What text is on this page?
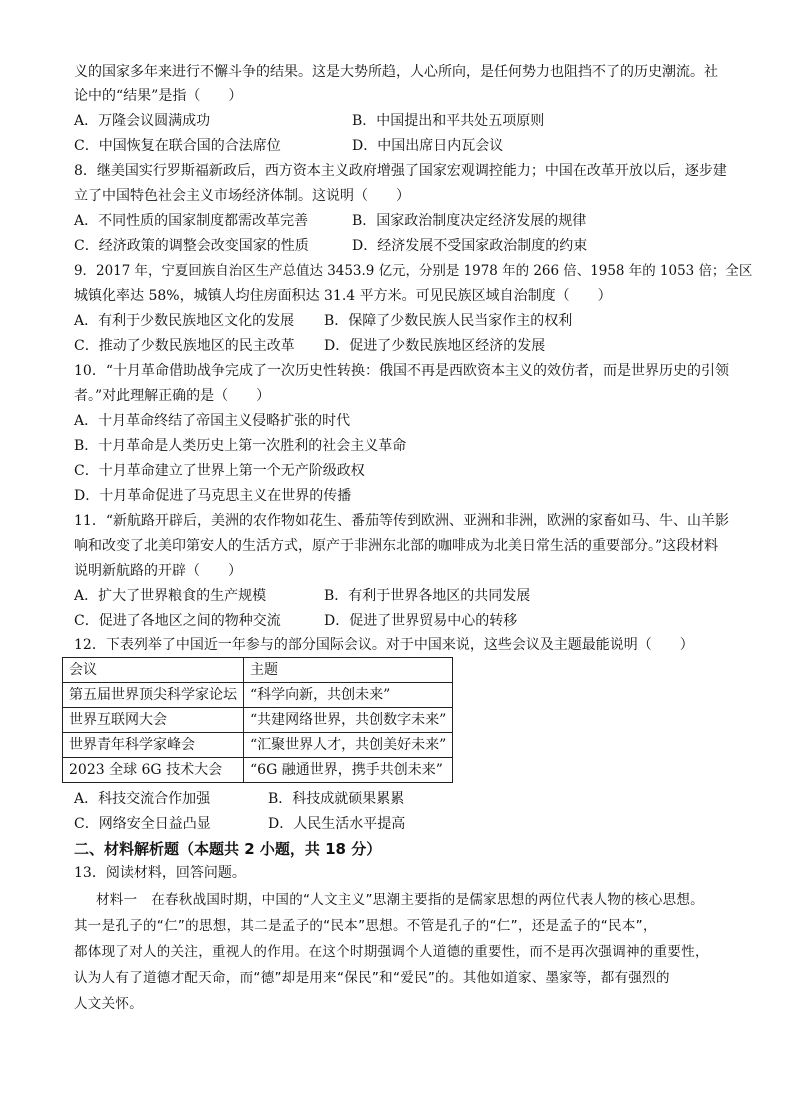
义的国家多年来进行不懈斗争的结果。这是大势所趋，人心所向，是任何势力也阻挡不了的历史潮流。社
论中的“结果”是指（　　）
A．万隆会议圆满成功	B．中国提出和平共处五项原则
C．中国恢复在联合国的合法席位	D．中国出席日内瓦会议
8．继美国实行罗斯福新政后，西方资本主义政府增强了国家宏观调控能力；中国在改革开放以后，逐步建
立了中国特色社会主义市场经济体制。这说明（　　）
A．不同性质的国家制度都需改革完善	B．国家政治制度决定经济发展的规律
C．经济政策的调整会改变国家的性质	D．经济发展不受国家政治制度的约束
9．2017 年，宁夏回族自治区生产总值达 3453.9 亿元，分别是 1978 年的 266 倍、1958 年的 1053 倍；全区
城镇化率达 58%，城镇人均住房面积达 31.4 平方米。可见民族区域自治制度（　　）
A．有利于少数民族地区文化的发展 B．保障了少数民族人民当家作主的权利
C．推动了少数民族地区的民主改革 D．促进了少数民族地区经济的发展
10．“十月革命借助战争完成了一次历史性转换：俄国不再是西欧资本主义的效仿者，而是世界历史的引领
者。”对此理解正确的是（　　）
A．十月革命终结了帝国主义侵略扩张的时代
B．十月革命是人类历史上第一次胜利的社会主义革命
C．十月革命建立了世界上第一个无产阶级政权
D．十月革命促进了马克思主义在世界的传播
11．“新航路开辟后，美洲的农作物如花生、番茄等传到欧洲、亚洲和非洲，欧洲的家畜如马、牛、山羊影
响和改变了北美印第安人的生活方式，原产于非洲东北部的咖啡成为北美日常生活的重要部分。”这段材料
说明新航路的开辟（　　）
A．扩大了世界粮食的生产规模	B．有利于世界各地区的共同发展
C．促进了各地区之间的物种交流	D．促进了世界贸易中心的转移
12．下表列举了中国近一年参与的部分国际会议。对于中国来说，这些会议及主题最能说明（　　）
会议	主题
第五届世界顶尖科学家论坛	“科学向新，共创未来”
世界互联网大会	“共建网络世界，共创数字未来”
世界青年科学家峰会	“汇聚世界人才，共创美好未来”
2023 全球 6G 技术大会	“6G 融通世界，携手共创未来”
A．科技交流合作加强	B．科技成就硕果累累
C．网络安全日益凸显	D．人民生活水平提高
二、材料解析题（本题共 2 小题，共 18 分）
13．阅读材料，回答问题。
材料一　在春秋战国时期，中国的“人文主义”思潮主要指的是儒家思想的两位代表人物的核心思想。
其一是孔子的“仁”的思想，其二是孟子的“民本”思想。不管是孔子的“仁”，还是孟子的“民本”，
都体现了对人的关注，重视人的作用。在这个时期强调个人道德的重要性，而不是再次强调神的重要性，
认为人有了道德才配天命，而“德”却是用来“保民”和“爱民”的。其他如道家、墨家等，都有强烈的
人文关怀。
